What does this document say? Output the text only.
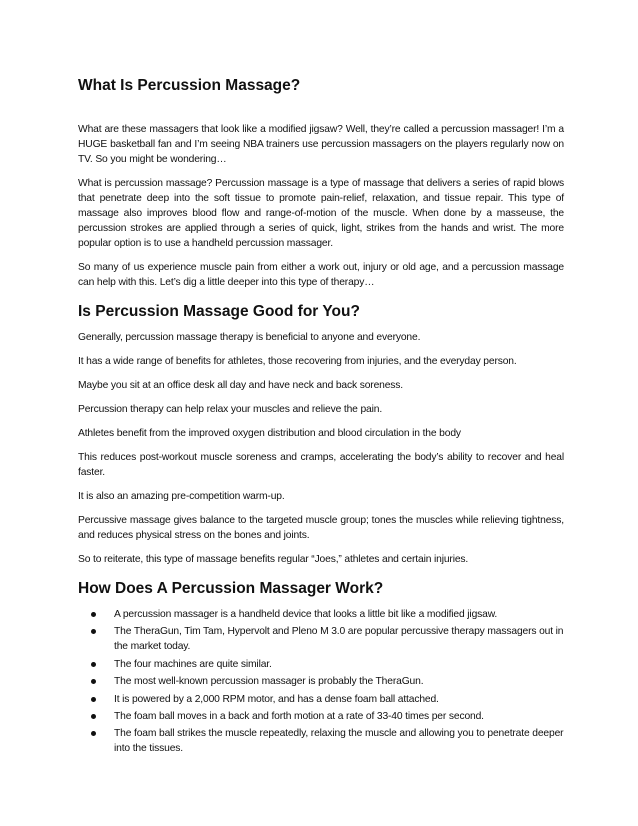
What Is Percussion Massage?

What are these massagers that look like a modified jigsaw? Well, they’re called a percussion massager! I’m a HUGE basketball fan and I’m seeing NBA trainers use percussion massagers on the players regularly now on TV. So you might be wondering…

What is percussion massage? Percussion massage is a type of massage that delivers a series of rapid blows that penetrate deep into the soft tissue to promote pain-relief, relaxation, and tissue repair. This type of massage also improves blood flow and range-of-motion of the muscle. When done by a masseuse, the percussion strokes are applied through a series of quick, light, strikes from the hands and wrist. The more popular option is to use a handheld percussion massager.

So many of us experience muscle pain from either a work out, injury or old age, and a percussion massage can help with this. Let’s dig a little deeper into this type of therapy…

Is Percussion Massage Good for You?

Generally, percussion massage therapy is beneficial to anyone and everyone.

It has a wide range of benefits for athletes, those recovering from injuries, and the everyday person.

Maybe you sit at an office desk all day and have neck and back soreness.

Percussion therapy can help relax your muscles and relieve the pain.

Athletes benefit from the improved oxygen distribution and blood circulation in the body

This reduces post-workout muscle soreness and cramps, accelerating the body’s ability to recover and heal faster.

It is also an amazing pre-competition warm-up.

Percussive massage gives balance to the targeted muscle group; tones the muscles while relieving tightness, and reduces physical stress on the bones and joints.

So to reiterate, this type of massage benefits regular “Joes,” athletes and certain injuries.

How Does A Percussion Massager Work?
A percussion massager is a handheld device that looks a little bit like a modified jigsaw.
The TheraGun, Tim Tam, Hypervolt and Pleno M 3.0 are popular percussive therapy massagers out in the market today.
The four machines are quite similar.
The most well-known percussion massager is probably the TheraGun.
It is powered by a 2,000 RPM motor, and has a dense foam ball attached.
The foam ball moves in a back and forth motion at a rate of 33-40 times per second.
The foam ball strikes the muscle repeatedly, relaxing the muscle and allowing you to penetrate deeper into the tissues.
